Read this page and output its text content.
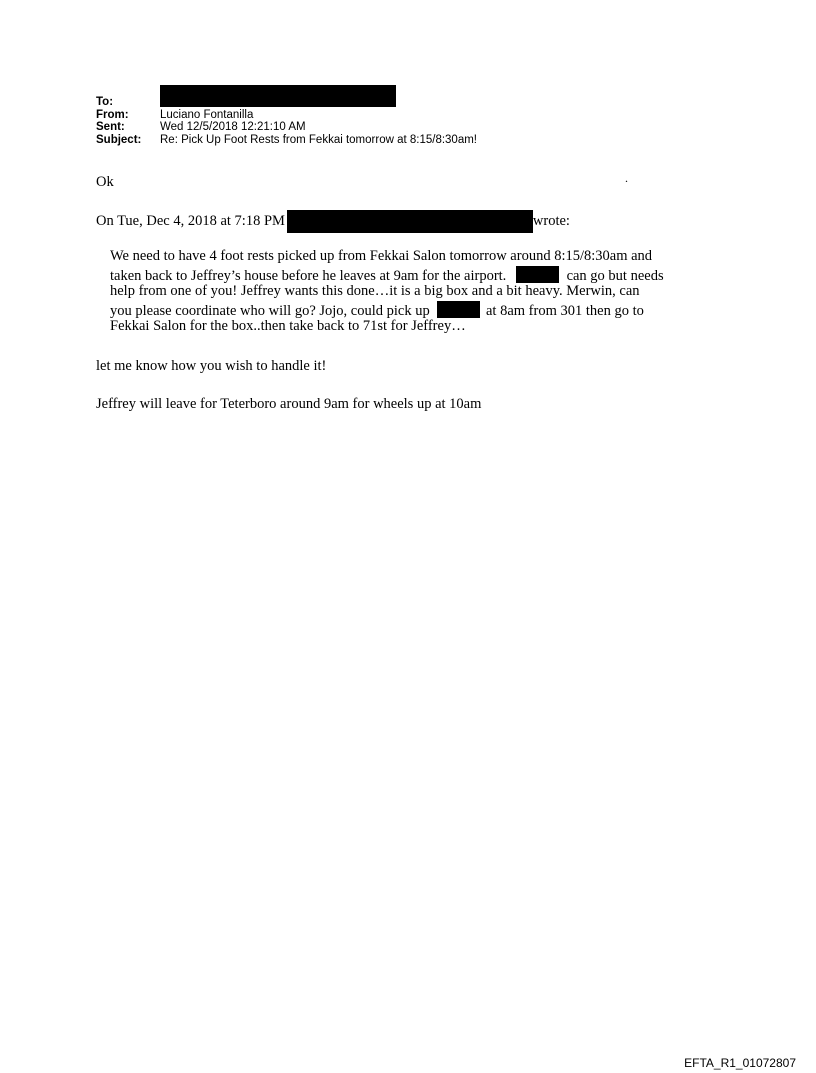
To:
From:	Luciano Fontanilla
Sent:	Wed 12/5/2018 12:21:10 AM
Subject:	Re: Pick Up Foot Rests from Fekkai tomorrow at 8:15/8:30am!
Ok	.
On Tue, Dec 4, 2018 at 7:18 PM	wrote:
We need to have 4 foot rests picked up from Fekkai Salon tomorrow around 8:15/8:30am and
taken back to Jeffrey’s house before he leaves at 9am for the airport.	can go but needs
help from one of you! Jeffrey wants this done…it is a big box and a bit heavy. Merwin, can
you please coordinate who will go? Jojo, could pick up	at 8am from 301 then go to
Fekkai Salon for the box..then take back to 71st for Jeffrey…
let me know how you wish to handle it!
Jeffrey will leave for Teterboro around 9am for wheels up at 10am
EFTA_R1_01072807
